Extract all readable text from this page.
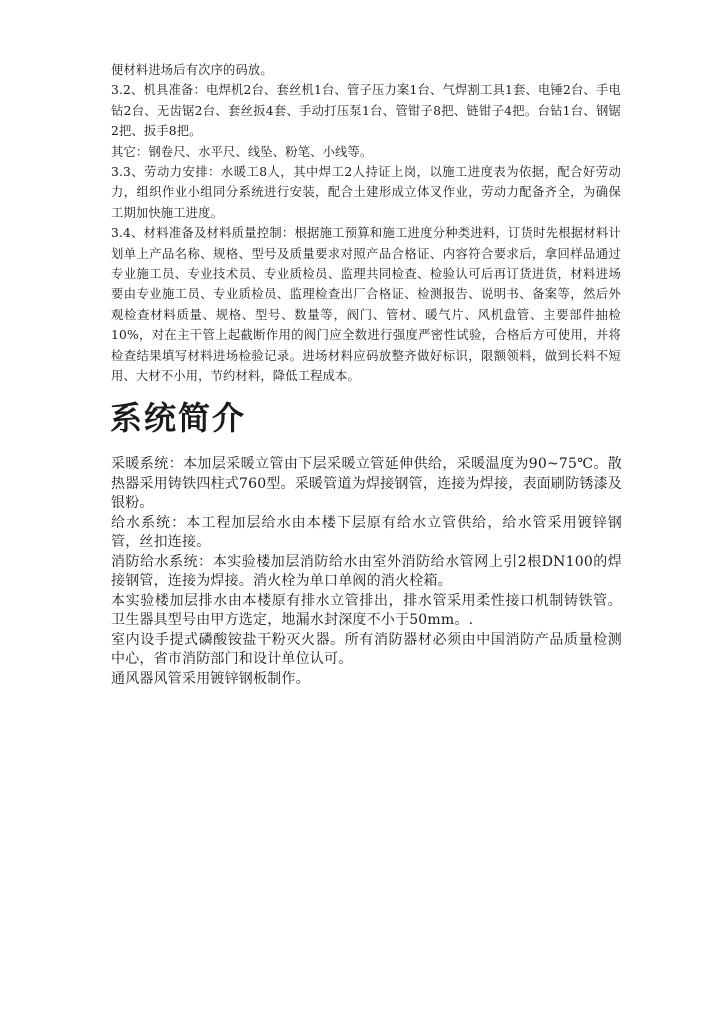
便材料进场后有次序的码放。

3.2、机具准备：电焊机2台、套丝机1台、管子压力案1台、气焊割工具1套、电锤2台、手电钻2台、无齿锯2台、套丝扳4套、手动打压泵1台、管钳子8把、链钳子4把。台钻1台、钢锯2把、扳手8把。

其它：钢卷尺、水平尺、线坠、粉笔、小线等。

3.3、劳动力安排：水暖工8人，其中焊工2人持证上岗，以施工进度表为依据，配合好劳动力，组织作业小组同分系统进行安装，配合土建形成立体叉作业，劳动力配备齐全，为确保工期加快施工进度。

3.4、材料准备及材料质量控制：根据施工预算和施工进度分种类进料，订货时先根据材料计划单上产品名称、规格、型号及质量要求对照产品合格证、内容符合要求后，拿回样品通过专业施工员、专业技术员、专业质检员、监理共同检查、检验认可后再订货进货，材料进场要由专业施工员、专业质检员、监理检查出厂合格证、检测报告、说明书、备案等，然后外观检查材料质量、规格、型号、数量等，阀门、管材、暖气片、风机盘管、主要部件抽检10%，对在主干管上起截断作用的阀门应全数进行强度严密性试验，合格后方可使用，并将检查结果填写材料进场检验记录。进场材料应码放整齐做好标识，限额领料，做到长料不短用、大材不小用，节约材料，降低工程成本。

系统简介

采暖系统：本加层采暖立管由下层采暖立管延伸供给，采暖温度为90~75℃。散热器采用铸铁四柱式760型。采暖管道为焊接钢管，连接为焊接，表面刷防锈漆及银粉。

给水系统：本工程加层给水由本楼下层原有给水立管供给，给水管采用镀锌钢管，丝扣连接。

消防给水系统：本实验楼加层消防给水由室外消防给水管网上引2根DN100的焊接钢管，连接为焊接。消火栓为单口单阀的消火栓箱。

本实验楼加层排水由本楼原有排水立管排出，排水管采用柔性接口机制铸铁管。卫生器具型号由甲方选定，地漏水封深度不小于50mm。.

室内设手提式磷酸铵盐干粉灭火器。所有消防器材必须由中国消防产品质量检测中心，省市消防部门和设计单位认可。

通风器风管采用镀锌钢板制作。
